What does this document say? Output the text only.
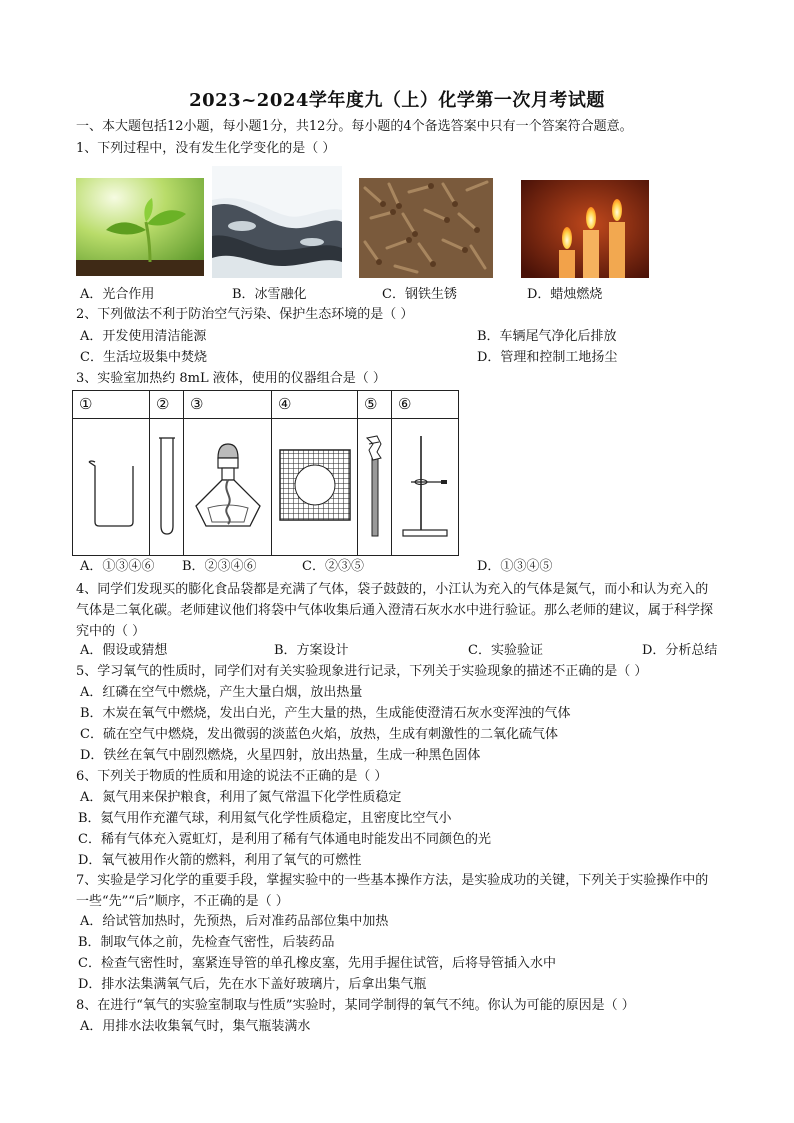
2023~2024学年度九（上）化学第一次月考试题
一、本大题包括12小题，每小题1分，共12分。每小题的4个备选答案中只有一个答案符合题意。
1、下列过程中，没有发生化学变化的是（ ）
A．光合作用	B．冰雪融化	C．钢铁生锈	D．蜡烛燃烧
2、下列做法不利于防治空气污染、保护生态环境的是（ ）
A．开发使用清洁能源	B．车辆尾气净化后排放
C．生活垃圾集中焚烧	D．管理和控制工地扬尘
3、实验室加热约 8mL 液体，使用的仪器组合是（ ）
①	②	③	④	⑤	⑥

A．①③④⑥ B．②③④⑥	C．②③⑤	D．①③④⑤
4、同学们发现买的膨化食品袋都是充满了气体，袋子鼓鼓的，小江认为充入的气体是氮气，而小和认为充入的气体是二氧化碳。老师建议他们将袋中气体收集后通入澄清石灰水水中进行验证。那么老师的建议，属于科学探究中的（ ）
A．假设或猜想	B．方案设计	C．实验验证	D．分析总结
5、学习氧气的性质时，同学们对有关实验现象进行记录，下列关于实验现象的描述不正确的是（ ）
A．红磷在空气中燃烧，产生大量白烟，放出热量
B．木炭在氧气中燃烧，发出白光，产生大量的热，生成能使澄清石灰水变浑浊的气体
C．硫在空气中燃烧，发出微弱的淡蓝色火焰，放热，生成有刺激性的二氧化硫气体
D．铁丝在氧气中剧烈燃烧，火星四射，放出热量，生成一种黑色固体
6、下列关于物质的性质和用途的说法不正确的是（ ）
A．氮气用来保护粮食，利用了氮气常温下化学性质稳定
B．氦气用作充灌气球，利用氦气化学性质稳定，且密度比空气小
C．稀有气体充入霓虹灯，是利用了稀有气体通电时能发出不同颜色的光
D．氧气被用作火箭的燃料，利用了氧气的可燃性
7、实验是学习化学的重要手段，掌握实验中的一些基本操作方法，是实验成功的关键，下列关于实验操作中的一些“先”“后”顺序，不正确的是（ ）
A．给试管加热时，先预热，后对准药品部位集中加热
B．制取气体之前，先检查气密性，后装药品
C．检查气密性时，塞紧连导管的单孔橡皮塞，先用手握住试管，后将导管插入水中
D．排水法集满氧气后，先在水下盖好玻璃片，后拿出集气瓶
8、在进行“氧气的实验室制取与性质”实验时，某同学制得的氧气不纯。你认为可能的原因是（ ）
A．用排水法收集氧气时，集气瓶装满水
